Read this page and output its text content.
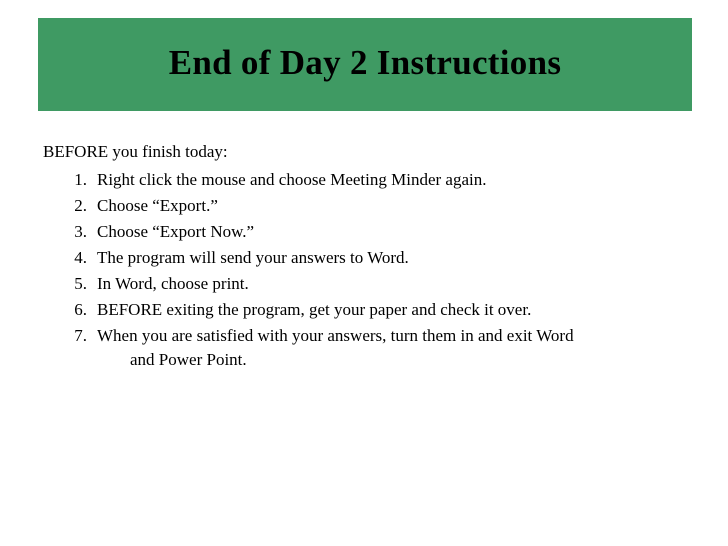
End of Day 2 Instructions

BEFORE you finish today:

1. Right click the mouse and choose Meeting Minder again.
2. Choose “Export.”
3. Choose “Export Now.”
4. The program will send your answers to Word.
5. In Word, choose print.
6. BEFORE exiting the program, get your paper and check it over.
7. When you are satisfied with your answers, turn them in and exit Word
and Power Point.
